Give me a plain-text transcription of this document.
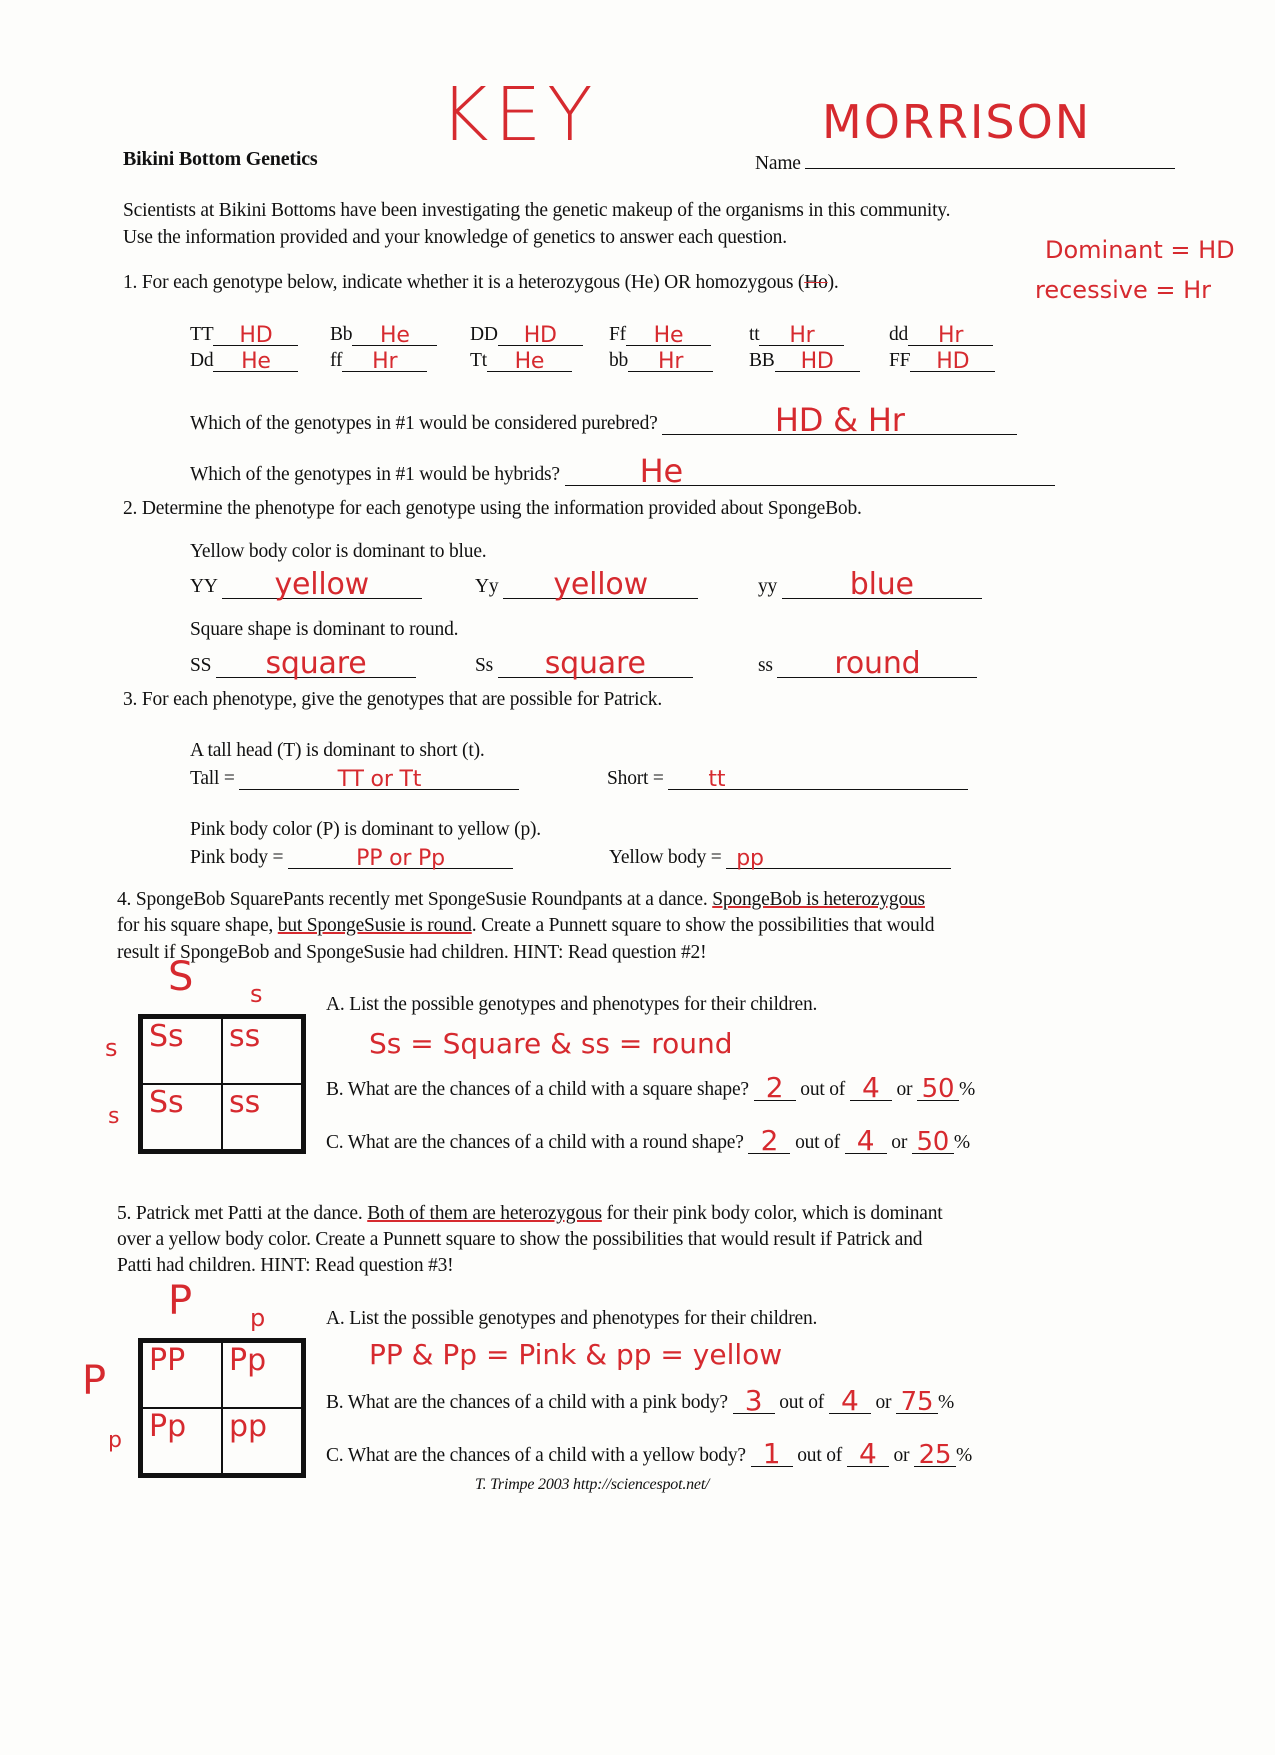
KEY
Bikini Bottom Genetics	Name
MORRISON
Scientists at Bikini Bottoms have been investigating the genetic makeup of the organisms in this community.
Use the information provided and your knowledge of genetics to answer each question.
1. For each genotype below, indicate whether it is a heterozygous (He) OR homozygous (Ho).
Dominant = HD
recessive = Hr
Which of the genotypes in #1 would be considered purebred?	HD & Hr
Which of the genotypes in #1 would be hybrids? He
2. Determine the phenotype for each genotype using the information provided about SpongeBob.
Yellow body color is dominant to blue.
Square shape is dominant to round.
3. For each phenotype, give the genotypes that are possible for Patrick.
A tall head (T) is dominant to short (t).
Tall =	TT or Tt	Short = tt
Pink body color (P) is dominant to yellow (p).
Pink body =	PP or Pp	Yellow body = pp
4. SpongeBob SquarePants recently met SpongeSusie Roundpants at a dance. SpongeBob is heterozygous
for his square shape, but SpongeSusie is round. Create a Punnett square to show the possibilities that would
result if SpongeBob and SpongeSusie had children. HINT: Read question #2!
A. List the possible genotypes and phenotypes for their children.
Ss = Square & ss = round
5. Patrick met Patti at the dance. Both of them are heterozygous for their pink body color, which is dominant
over a yellow body color. Create a Punnett square to show the possibilities that would result if Patrick and
Patti had children. HINT: Read question #3!
A. List the possible genotypes and phenotypes for their children.
PP & Pp = Pink & pp = yellow
T. Trimpe 2003 http://sciencespot.net/
TT HD	Bb He	DD HD	Ff He	tt Hr	dd Hr
Dd He	ff Hr	Tt He	bb Hr	BB HD	FF HD
YY yellow	Yy yellow	yy blue
SS square	Ss square	ss round
Ss	ss
Ss	ss
S s
s
s
PP	Pp
Pp	pp
P p
P
p
B. What are the chances of a child with a square shape? 2 out of 4 or 50 %
C. What are the chances of a child with a round shape? 2 out of 4 or 50 %
B. What are the chances of a child with a pink body? 3 out of 4 or 75 %
C. What are the chances of a child with a yellow body? 1 out of 4 or 25 %
